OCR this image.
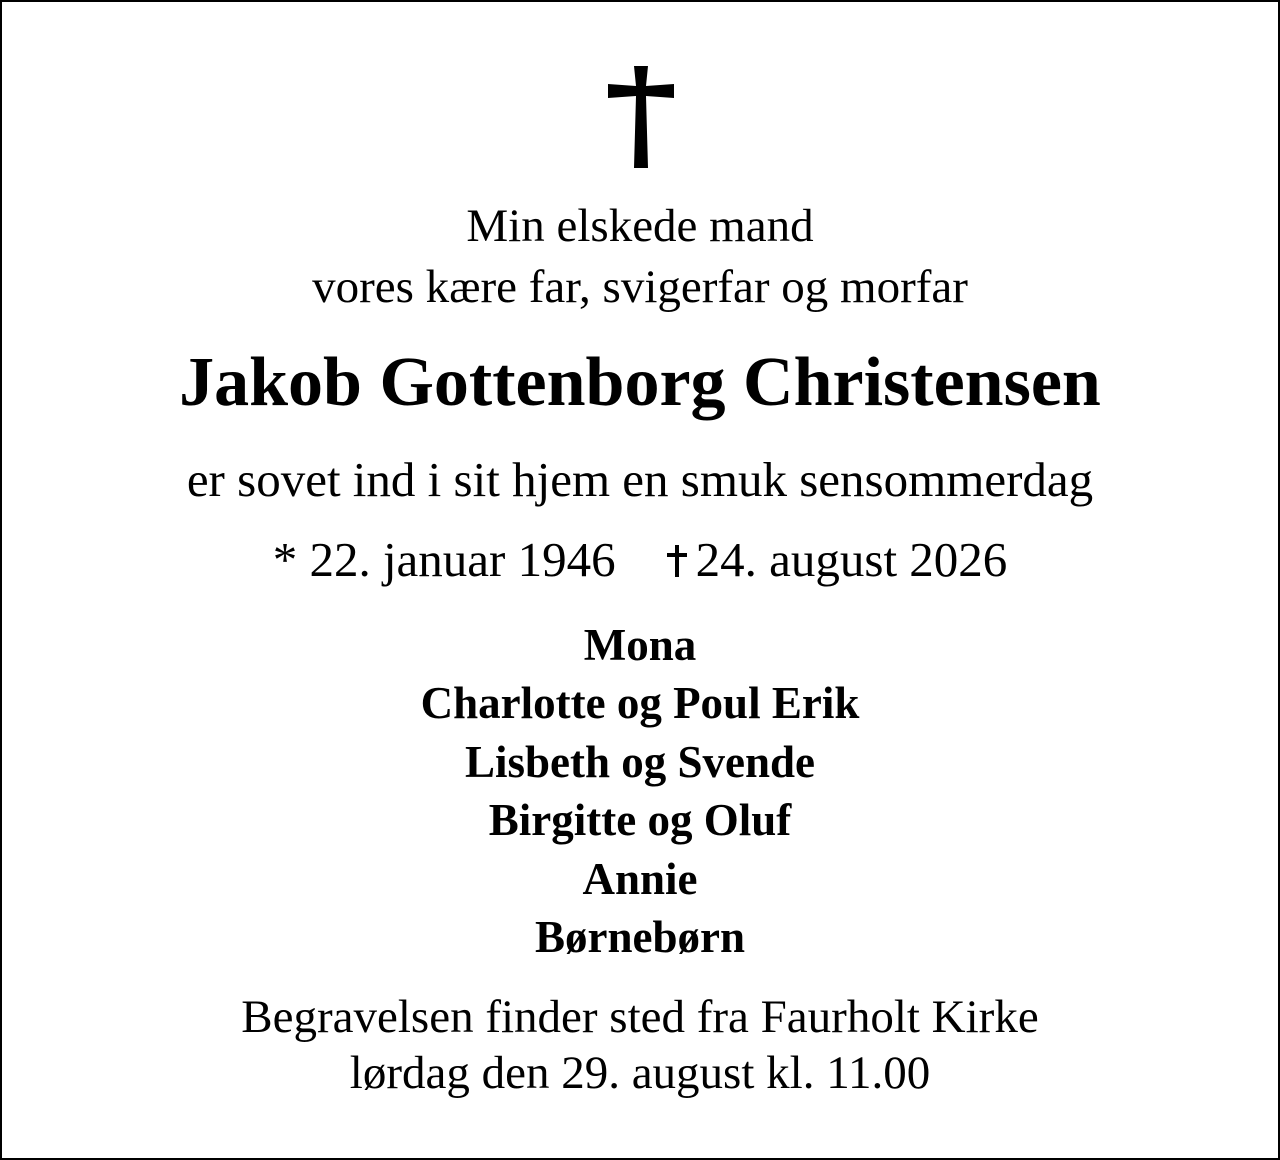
Min elskede mand
vores kære far, svigerfar og morfar
Jakob Gottenborg Christensen
er sovet ind i sit hjem en smuk sensommerdag
* 22. januar 1946 24. august 2026
Mona
Charlotte og Poul Erik
Lisbeth og Svende
Birgitte og Oluf
Annie
Børnebørn
Begravelsen finder sted fra Faurholt Kirke
lørdag den 29. august kl. 11.00
